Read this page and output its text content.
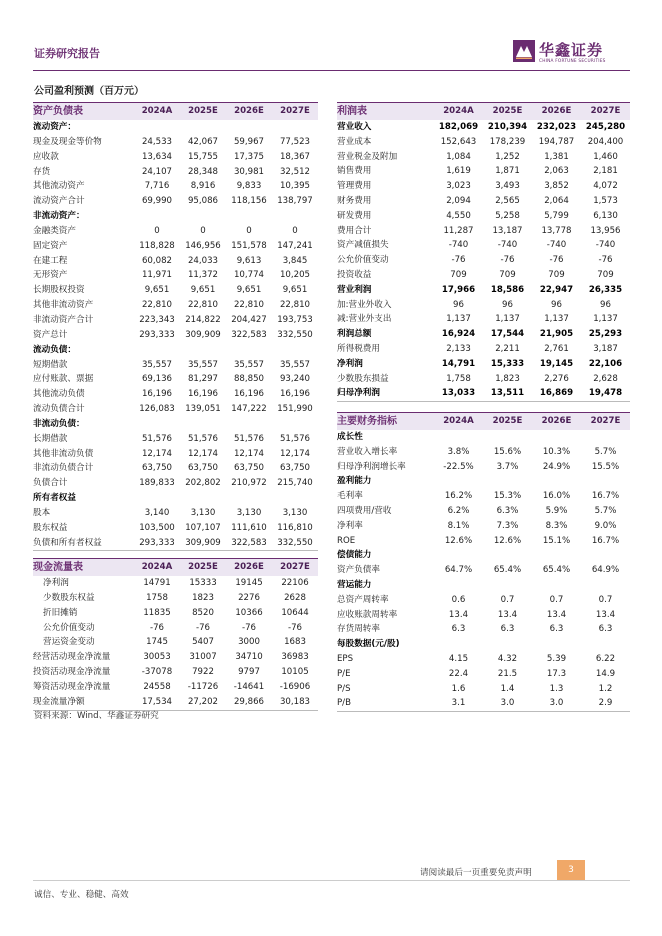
证券研究报告	华鑫证券
CHINA FORTUNE SECURITIES
公司盈利预测（百万元）
资产负债表	2024A	2025E	2026E	2027E
流动资产：				
现金及现金等价物	24,533	42,067	59,967	77,523
应收款	13,634	15,755	17,375	18,367
存货	24,107	28,348	30,981	32,512
其他流动资产	7,716	8,916	9,833	10,395
流动资产合计	69,990	95,086	118,156	138,797
非流动资产：				
金融类资产	0	0	0	0
固定资产	118,828	146,956	151,578	147,241
在建工程	60,082	24,033	9,613	3,845
无形资产	11,971	11,372	10,774	10,205
长期股权投资	9,651	9,651	9,651	9,651
其他非流动资产	22,810	22,810	22,810	22,810
非流动资产合计	223,343	214,822	204,427	193,753
资产总计	293,333	309,909	322,583	332,550
流动负债：				
短期借款	35,557	35,557	35,557	35,557
应付账款、票据	69,136	81,297	88,850	93,240
其他流动负债	16,196	16,196	16,196	16,196
流动负债合计	126,083	139,051	147,222	151,990
非流动负债：				
长期借款	51,576	51,576	51,576	51,576
其他非流动负债	12,174	12,174	12,174	12,174
非流动负债合计	63,750	63,750	63,750	63,750
负债合计	189,833	202,802	210,972	215,740
所有者权益				
股本	3,140	3,130	3,130	3,130
股东权益	103,500	107,107	111,610	116,810
负债和所有者权益	293,333	309,909	322,583	332,550
利润表	2024A	2025E	2026E	2027E
营业收入	182,069	210,394	232,023	245,280
营业成本	152,643	178,239	194,787	204,400
营业税金及附加	1,084	1,252	1,381	1,460
销售费用	1,619	1,871	2,063	2,181
管理费用	3,023	3,493	3,852	4,072
财务费用	2,094	2,565	2,064	1,573
研发费用	4,550	5,258	5,799	6,130
费用合计	11,287	13,187	13,778	13,956
资产减值损失	-740	-740	-740	-740
公允价值变动	-76	-76	-76	-76
投资收益	709	709	709	709
营业利润	17,966	18,586	22,947	26,335
加:营业外收入	96	96	96	96
减:营业外支出	1,137	1,137	1,137	1,137
利润总额	16,924	17,544	21,905	25,293
所得税费用	2,133	2,211	2,761	3,187
净利润	14,791	15,333	19,145	22,106
少数股东损益	1,758	1,823	2,276	2,628
归母净利润	13,033	13,511	16,869	19,478
主要财务指标	2024A	2025E	2026E	2027E
成长性				
营业收入增长率	3.8%	15.6%	10.3%	5.7%
归母净利润增长率	-22.5%	3.7%	24.9%	15.5%
盈利能力				
毛利率	16.2%	15.3%	16.0%	16.7%
四项费用/营收	6.2%	6.3%	5.9%	5.7%
净利率	8.1%	7.3%	8.3%	9.0%
ROE	12.6%	12.6%	15.1%	16.7%
偿债能力				
资产负债率	64.7%	65.4%	65.4%	64.9%
营运能力				
总资产周转率	0.6	0.7	0.7	0.7
应收账款周转率	13.4	13.4	13.4	13.4
存货周转率	6.3	6.3	6.3	6.3
每股数据(元/股)				
EPS	4.15	4.32	5.39	6.22
P/E	22.4	21.5	17.3	14.9
P/S	1.6	1.4	1.3	1.2
P/B	3.1	3.0	3.0	2.9
现金流量表	2024A	2025E	2026E	2027E
净利润	14791	15333	19145	22106
少数股东权益	1758	1823	2276	2628
折旧摊销	11835	8520	10366	10644
公允价值变动	-76	-76	-76	-76
营运资金变动	1745	5407	3000	1683
经营活动现金净流量	30053	31007	34710	36983
投资活动现金净流量	-37078	7922	9797	10105
筹资活动现金净流量	24558	-11726	-14641	-16906
现金流量净额	17,534	27,202	29,866	30,183
资料来源：Wind、华鑫证券研究
请阅读最后一页重要免责声明	3
诚信、专业、稳健、高效
